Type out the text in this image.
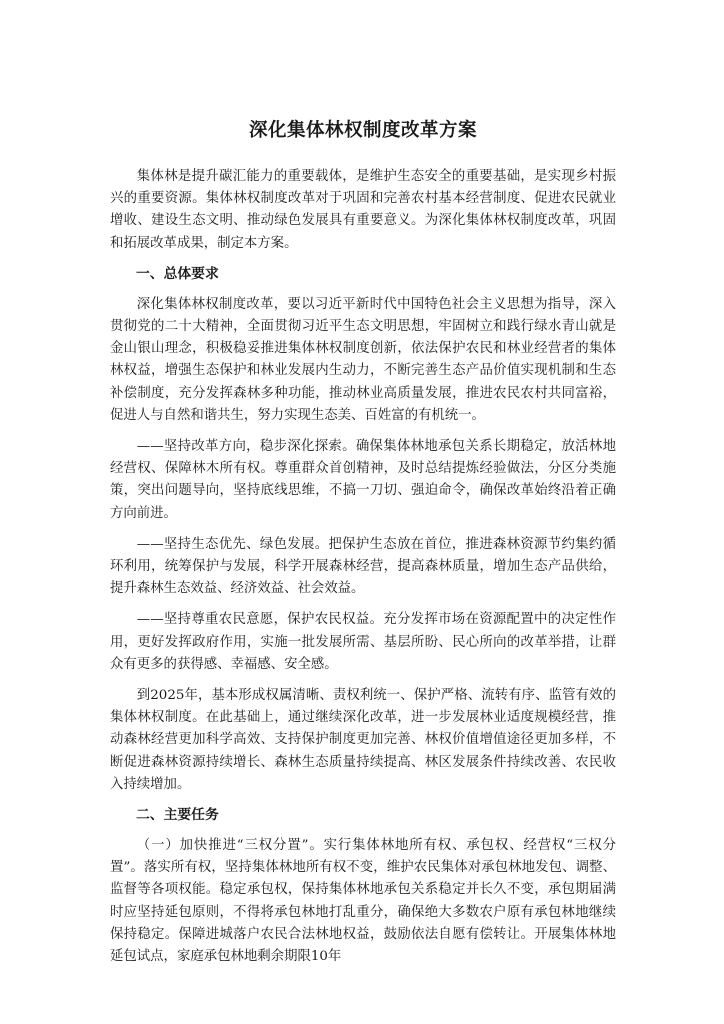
深化集体林权制度改革方案

集体林是提升碳汇能力的重要载体，是维护生态安全的重要基础，是实现乡村振兴的重要资源。集体林权制度改革对于巩固和完善农村基本经营制度、促进农民就业增收、建设生态文明、推动绿色发展具有重要意义。为深化集体林权制度改革，巩固和拓展改革成果，制定本方案。

一、总体要求

深化集体林权制度改革，要以习近平新时代中国特色社会主义思想为指导，深入贯彻党的二十大精神，全面贯彻习近平生态文明思想，牢固树立和践行绿水青山就是金山银山理念，积极稳妥推进集体林权制度创新，依法保护农民和林业经营者的集体林权益，增强生态保护和林业发展内生动力，不断完善生态产品价值实现机制和生态补偿制度，充分发挥森林多种功能，推动林业高质量发展，推进农民农村共同富裕，促进人与自然和谐共生，努力实现生态美、百姓富的有机统一。

——坚持改革方向，稳步深化探索。确保集体林地承包关系长期稳定，放活林地经营权、保障林木所有权。尊重群众首创精神，及时总结提炼经验做法，分区分类施策，突出问题导向，坚持底线思维，不搞一刀切、强迫命令，确保改革始终沿着正确方向前进。

——坚持生态优先、绿色发展。把保护生态放在首位，推进森林资源节约集约循环利用，统筹保护与发展，科学开展森林经营，提高森林质量，增加生态产品供给，提升森林生态效益、经济效益、社会效益。

——坚持尊重农民意愿，保护农民权益。充分发挥市场在资源配置中的决定性作用，更好发挥政府作用，实施一批发展所需、基层所盼、民心所向的改革举措，让群众有更多的获得感、幸福感、安全感。

到2025年，基本形成权属清晰、责权利统一、保护严格、流转有序、监管有效的集体林权制度。在此基础上，通过继续深化改革，进一步发展林业适度规模经营，推动森林经营更加科学高效、支持保护制度更加完善、林权价值增值途径更加多样，不断促进森林资源持续增长、森林生态质量持续提高、林区发展条件持续改善、农民收入持续增加。

二、主要任务

（一）加快推进“三权分置”。实行集体林地所有权、承包权、经营权“三权分置”。落实所有权，坚持集体林地所有权不变，维护农民集体对承包林地发包、调整、监督等各项权能。稳定承包权，保持集体林地承包关系稳定并长久不变，承包期届满时应坚持延包原则，不得将承包林地打乱重分，确保绝大多数农户原有承包林地继续保持稳定。保障进城落户农民合法林地权益，鼓励依法自愿有偿转让。开展集体林地延包试点，家庭承包林地剩余期限10年
